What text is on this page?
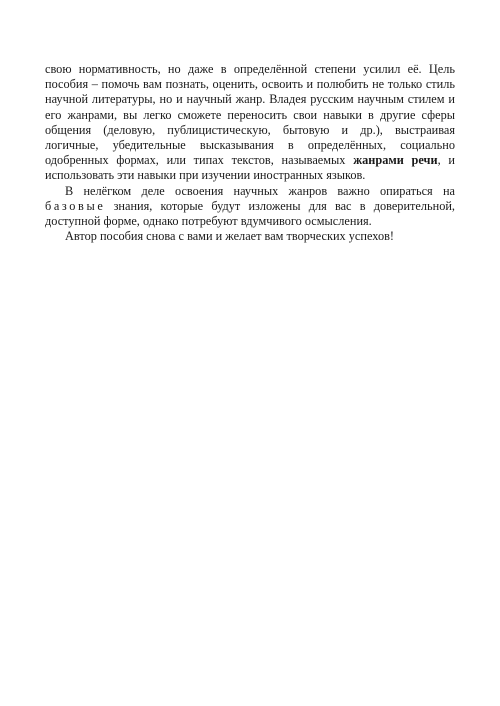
свою нормативность, но даже в определённой степени усилил её. Цель пособия – помочь вам познать, оценить, освоить и полюбить не только стиль научной литературы, но и научный жанр. Владея русским научным стилем и его жанрами, вы легко сможете переносить свои навыки в другие сферы общения (деловую, публицистическую, бытовую и др.), выстраивая логичные, убедительные высказывания в определённых, социально одобренных формах, или типах текстов, называемых жанрами речи, и использовать эти навыки при изучении иностранных языков.

В нелёгком деле освоения научных жанров важно опираться на базовые знания, которые будут изложены для вас в доверительной, доступной форме, однако потребуют вдумчивого осмысления.

Автор пособия снова с вами и желает вам творческих успехов!
